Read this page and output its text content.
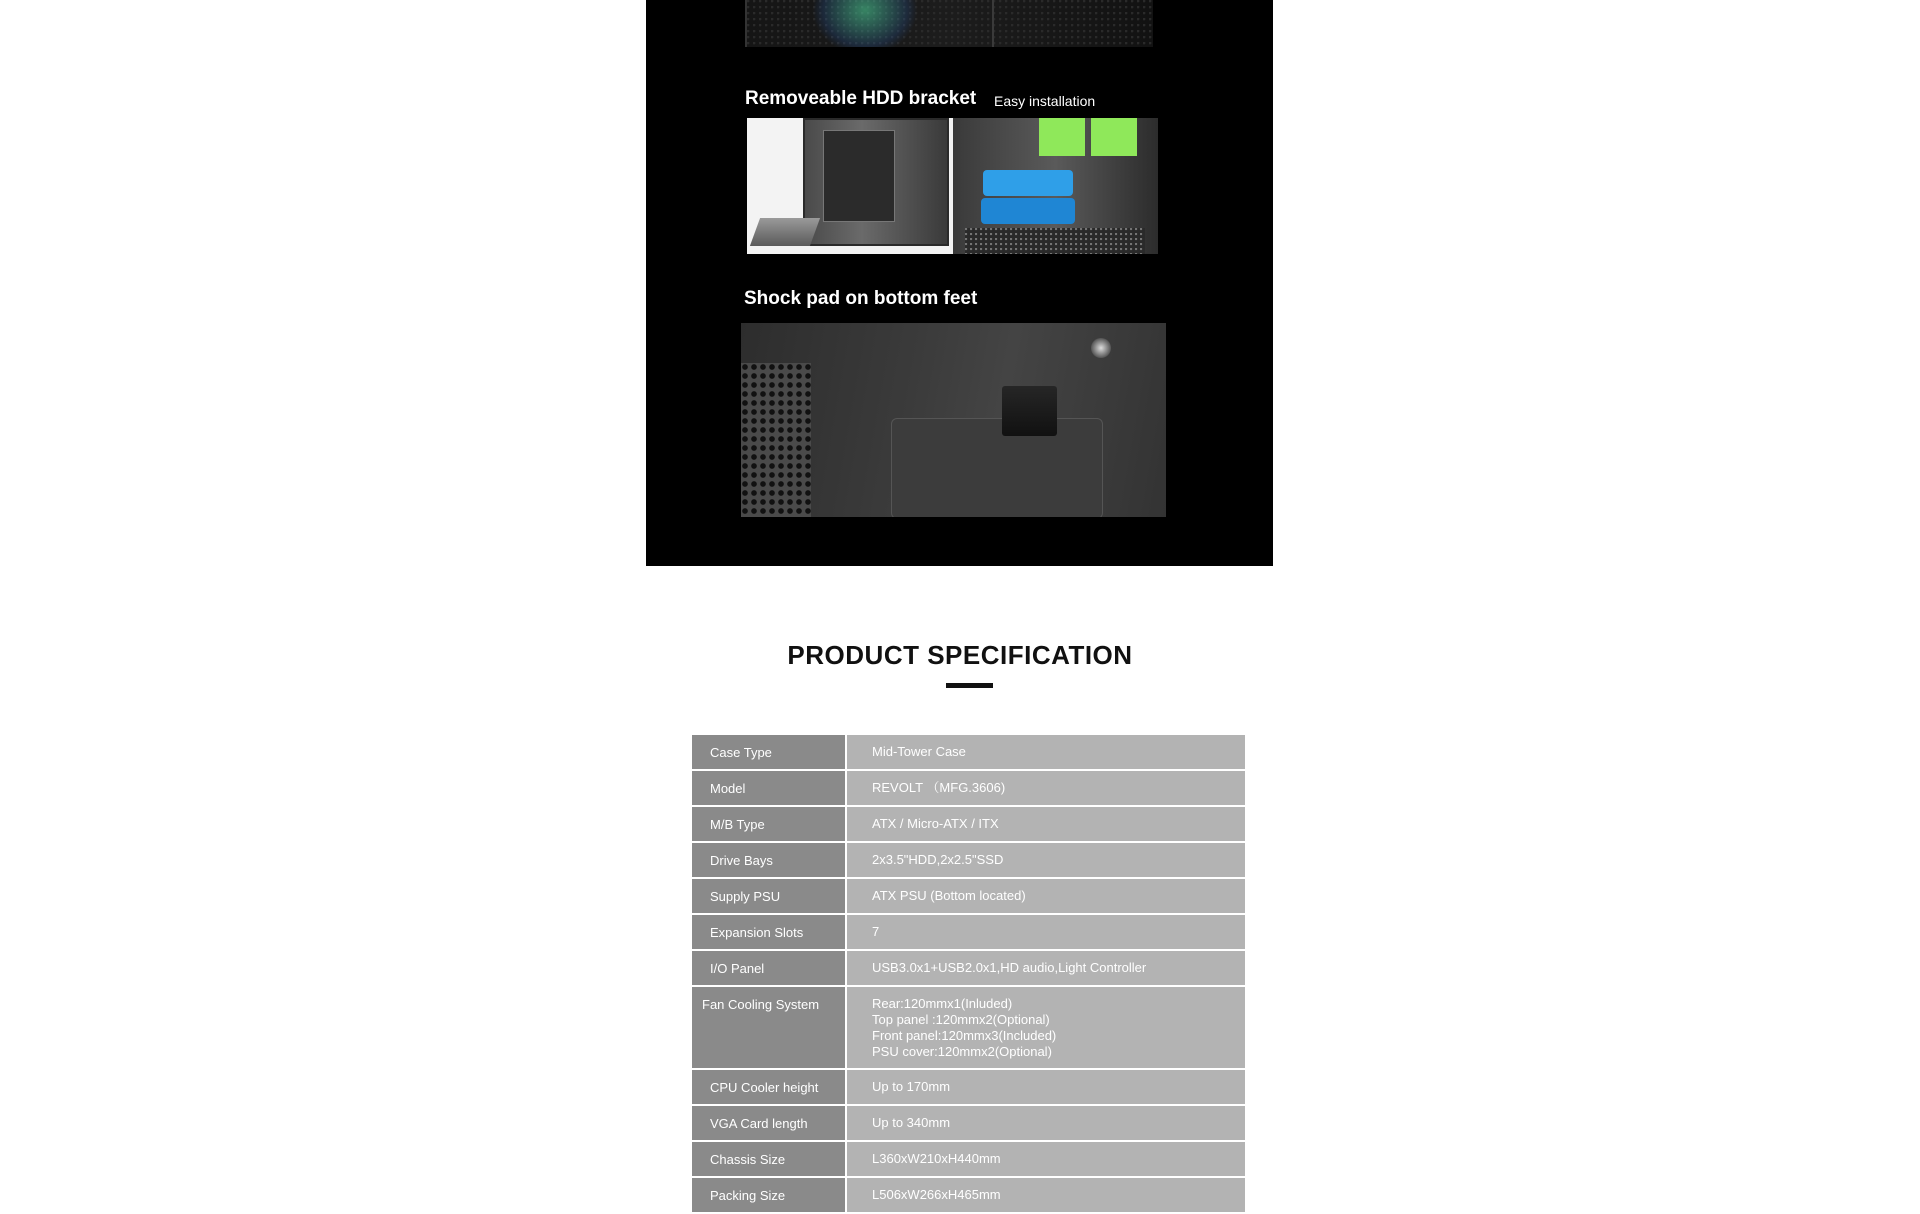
Removeable HDD bracket Easy installation
Shock pad on bottom feet
PRODUCT SPECIFICATION
Case Type	Mid-Tower Case
Model	REVOLT （MFG.3606)
M/B Type	ATX / Micro-ATX / ITX
Drive Bays	2x3.5"HDD,2x2.5"SSD
Supply PSU	ATX PSU (Bottom located)
Expansion Slots	7
I/O Panel	USB3.0x1+USB2.0x1,HD audio,Light Controller
Fan Cooling System	Rear:120mmx1(Inluded)
Top panel :120mmx2(Optional)
Front panel:120mmx3(Included)
PSU cover:120mmx2(Optional)

CPU Cooler height	Up to 170mm
VGA Card length	Up to 340mm
Chassis Size	L360xW210xH440mm
Packing Size	L506xW266xH465mm
